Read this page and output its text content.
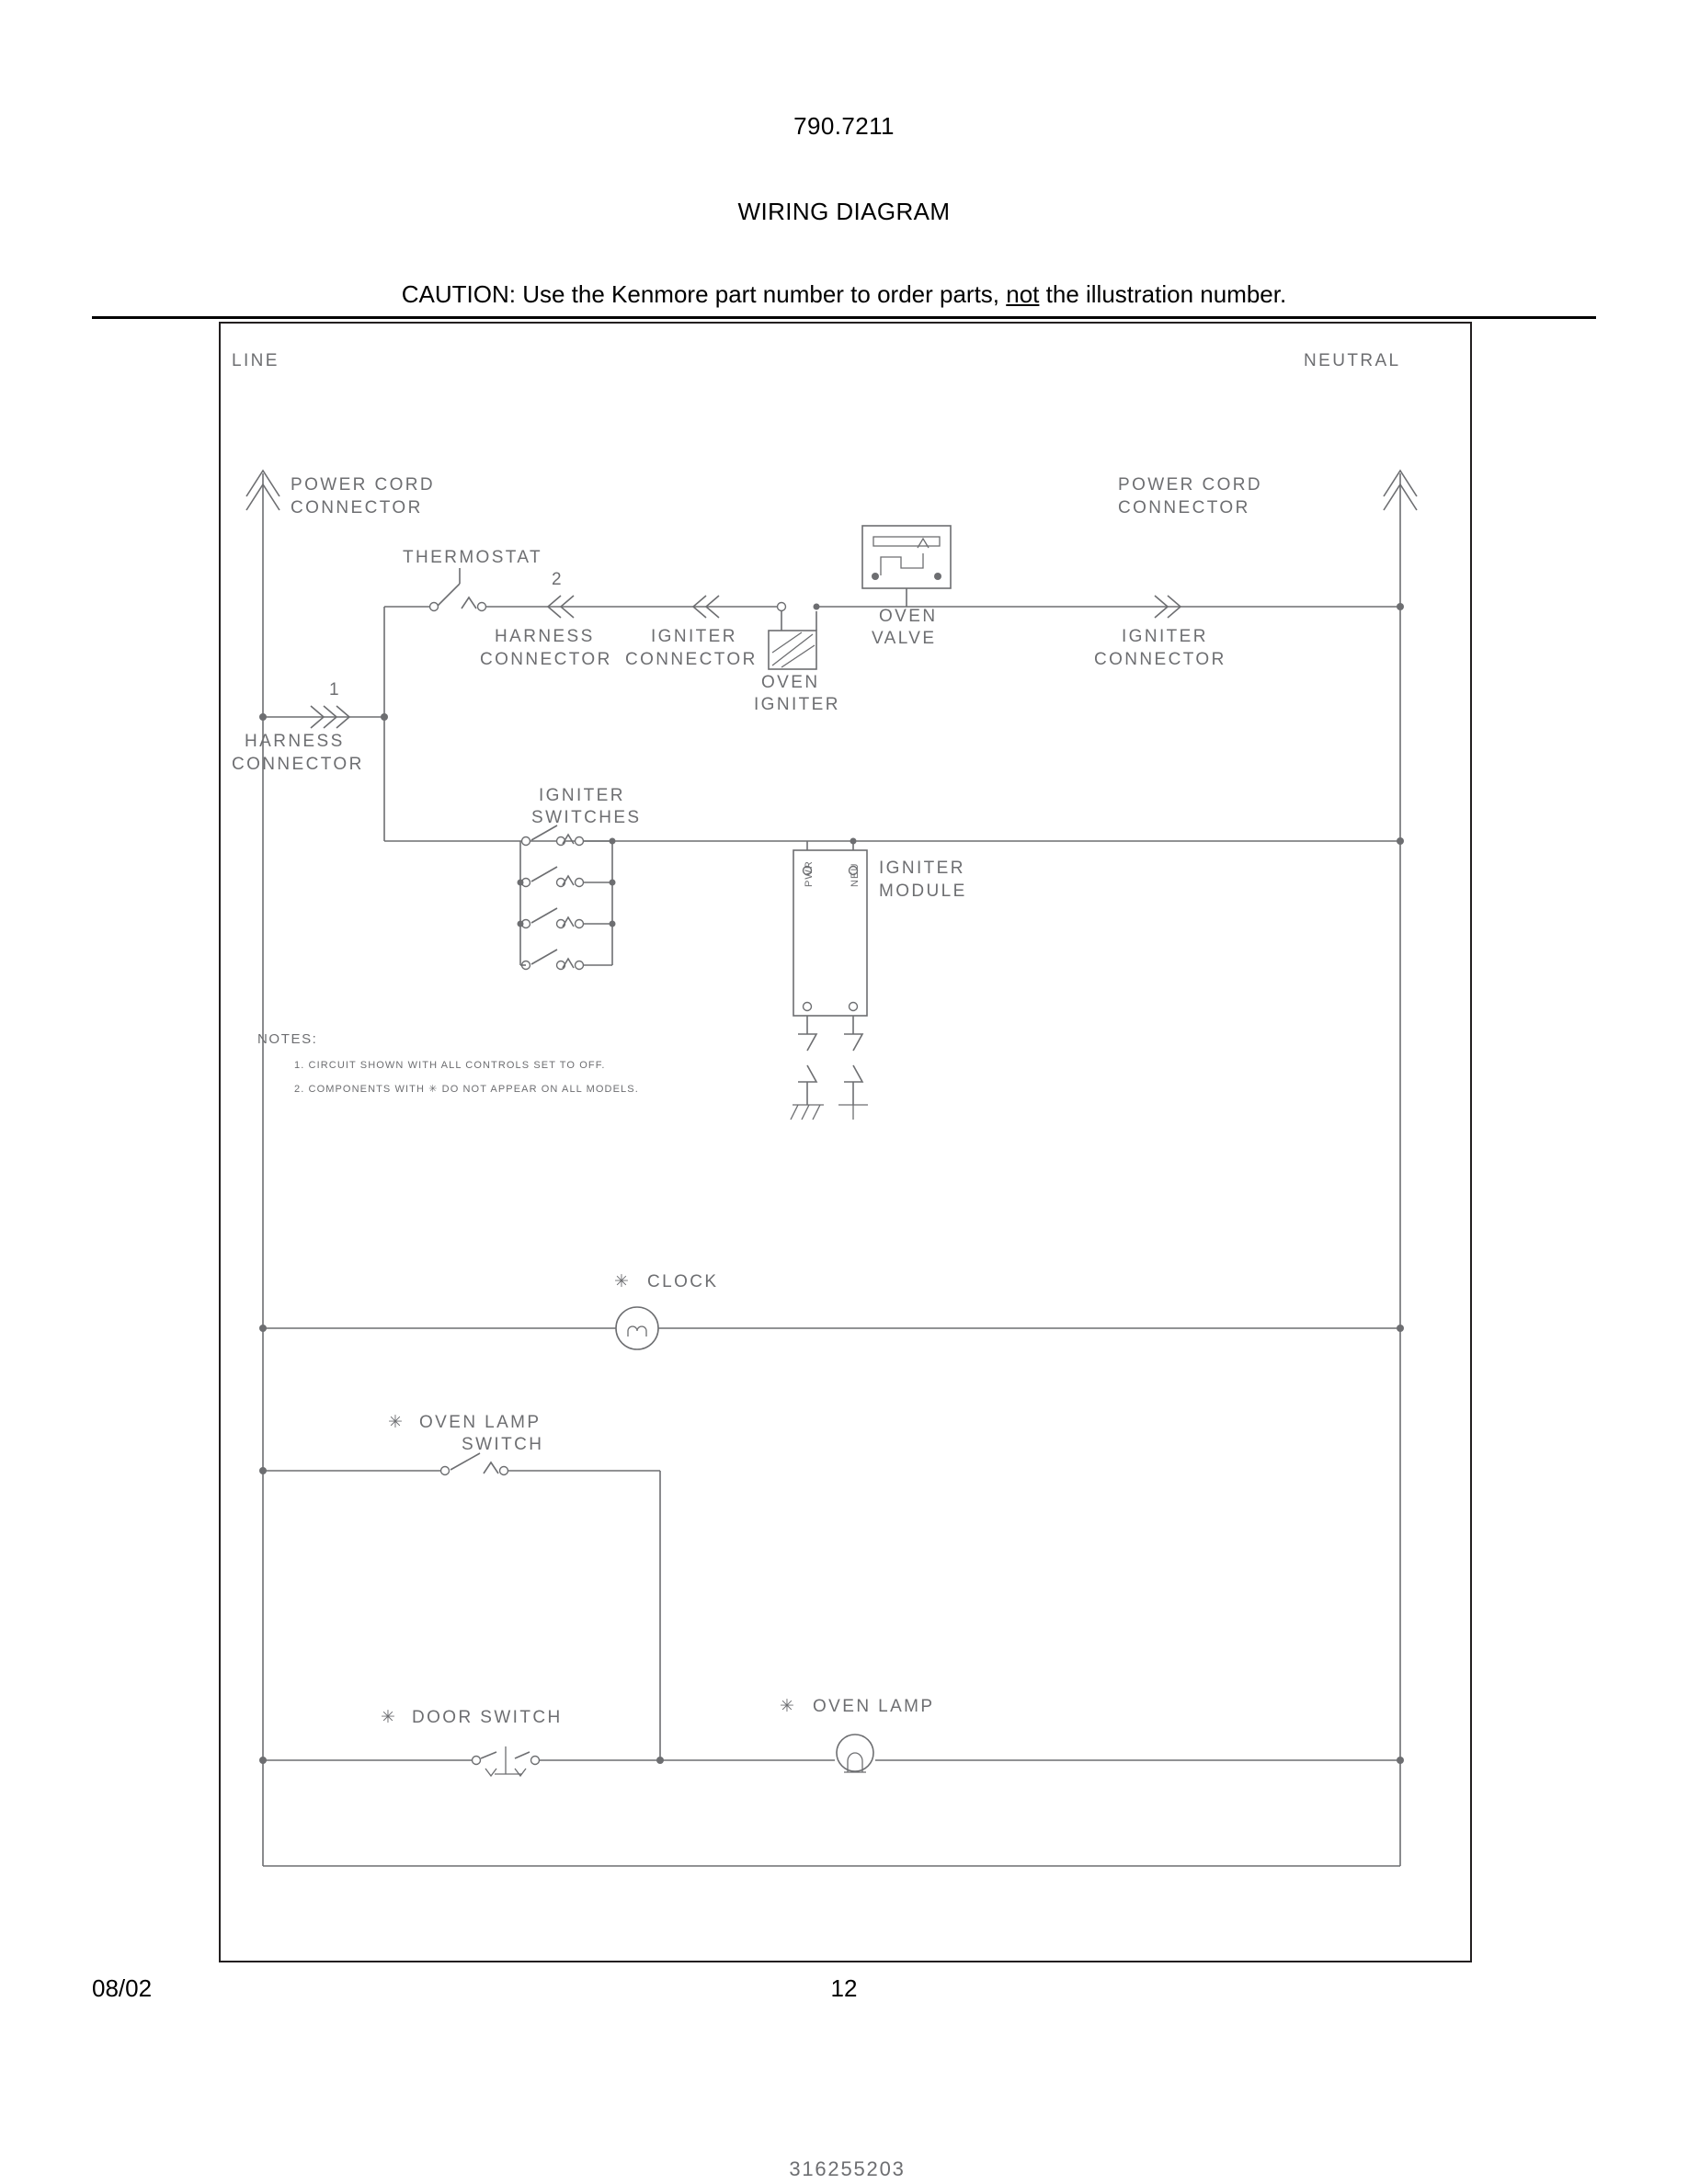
790.7211
WIRING DIAGRAM
CAUTION: Use the Kenmore part number to order parts, not the illustration number.
316255203
LINE	NEUTRAL
POWER CORD
CONNECTOR
POWER CORD
CONNECTOR
1
HARNESS
CONNECTOR
THERMOSTAT
2
HARNESS
CONNECTOR
IGNITER
CONNECTOR
OVEN
IGNITER
OVEN
VALVE	IGNITER
CONNECTOR
IGNITER
SWITCHES
PWR	NEU IGNITER
MODULE
NOTES:
1. CIRCUIT SHOWN WITH ALL CONTROLS SET TO OFF.
2. COMPONENTS WITH ✳ DO NOT APPEAR ON ALL MODELS.
✳ CLOCK
✳ OVEN LAMP
SWITCH
✳ DOOR SWITCH
✳ OVEN LAMP
08/02	12
